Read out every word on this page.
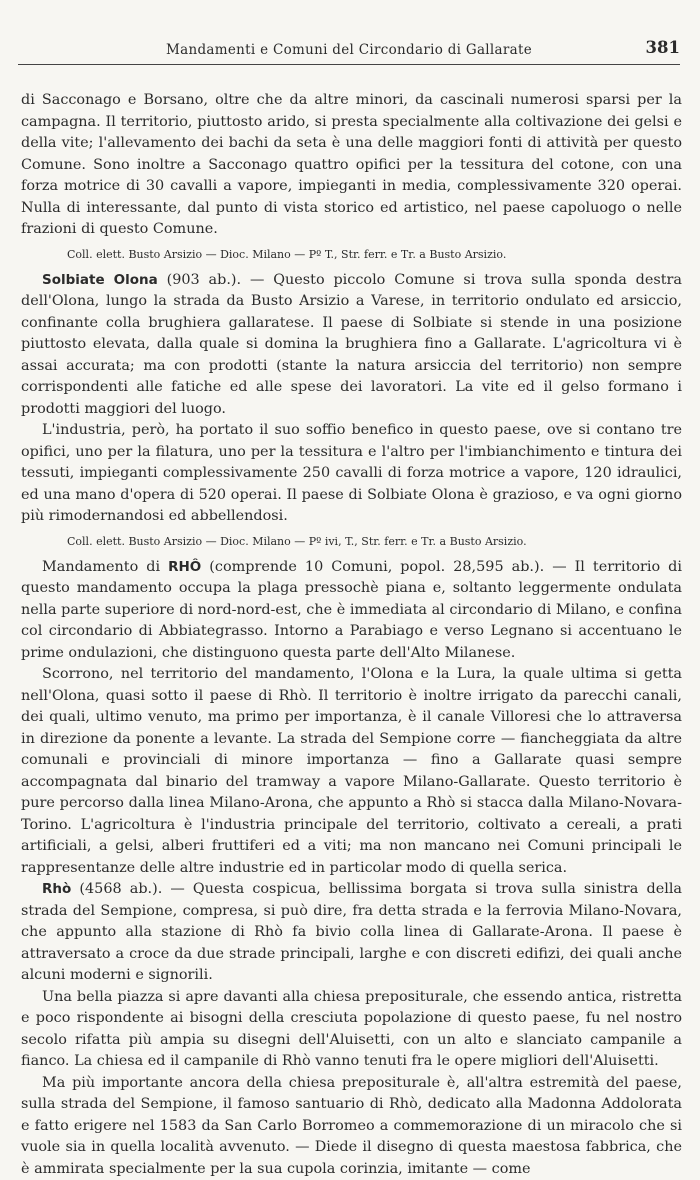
Mandamenti e Comuni del Circondario di Gallarate	381

di Sacconago e Borsano, oltre che da altre minori, da cascinali numerosi sparsi per la campagna. Il territorio, piuttosto arido, si presta specialmente alla coltivazione dei gelsi e della vite; l'allevamento dei bachi da seta è una delle maggiori fonti di attività per questo Comune. Sono inoltre a Sacconago quattro opifici per la tessitura del cotone, con una forza motrice di 30 cavalli a vapore, impieganti in media, complessivamente 320 operai. Nulla di interessante, dal punto di vista storico ed artistico, nel paese capoluogo o nelle frazioni di questo Comune.

Coll. elett. Busto Arsizio — Dioc. Milano — Pº T., Str. ferr. e Tr. a Busto Arsizio.

Solbiate Olona (903 ab.). — Questo piccolo Comune si trova sulla sponda destra dell'Olona, lungo la strada da Busto Arsizio a Varese, in territorio ondulato ed arsiccio, confinante colla brughiera gallaratese. Il paese di Solbiate si stende in una posizione piuttosto elevata, dalla quale si domina la brughiera fino a Gallarate. L'agricoltura vi è assai accurata; ma con prodotti (stante la natura arsiccia del territorio) non sempre corrispondenti alle fatiche ed alle spese dei lavoratori. La vite ed il gelso formano i prodotti maggiori del luogo.

L'industria, però, ha portato il suo soffio benefico in questo paese, ove si contano tre opifici, uno per la filatura, uno per la tessitura e l'altro per l'imbianchimento e tintura dei tessuti, impieganti complessivamente 250 cavalli di forza motrice a vapore, 120 idraulici, ed una mano d'opera di 520 operai. Il paese di Solbiate Olona è grazioso, e va ogni giorno più rimodernandosi ed abbellendosi.

Coll. elett. Busto Arsizio — Dioc. Milano — Pº ivi, T., Str. ferr. e Tr. a Busto Arsizio.

Mandamento di RHÔ (comprende 10 Comuni, popol. 28,595 ab.). — Il territorio di questo mandamento occupa la plaga pressochè piana e, soltanto leggermente ondulata nella parte superiore di nord-nord-est, che è immediata al circondario di Milano, e confina col circondario di Abbiategrasso. Intorno a Parabiago e verso Legnano si accentuano le prime ondulazioni, che distinguono questa parte dell'Alto Milanese.

Scorrono, nel territorio del mandamento, l'Olona e la Lura, la quale ultima si getta nell'Olona, quasi sotto il paese di Rhò. Il territorio è inoltre irrigato da parecchi canali, dei quali, ultimo venuto, ma primo per importanza, è il canale Villoresi che lo attraversa in direzione da ponente a levante. La strada del Sempione corre — fiancheggiata da altre comunali e provinciali di minore importanza — fino a Gallarate quasi sempre accompagnata dal binario del tramway a vapore Milano-Gallarate. Questo territorio è pure percorso dalla linea Milano-Arona, che appunto a Rhò si stacca dalla Milano-Novara-Torino. L'agricoltura è l'industria principale del territorio, coltivato a cereali, a prati artificiali, a gelsi, alberi fruttiferi ed a viti; ma non mancano nei Comuni principali le rappresentanze delle altre industrie ed in particolar modo di quella serica.

Rhò (4568 ab.). — Questa cospicua, bellissima borgata si trova sulla sinistra della strada del Sempione, compresa, si può dire, fra detta strada e la ferrovia Milano-Novara, che appunto alla stazione di Rhò fa bivio colla linea di Gallarate-Arona. Il paese è attraversato a croce da due strade principali, larghe e con discreti edifizi, dei quali anche alcuni moderni e signorili.

Una bella piazza si apre davanti alla chiesa prepositurale, che essendo antica, ristretta e poco rispondente ai bisogni della cresciuta popolazione di questo paese, fu nel nostro secolo rifatta più ampia su disegni dell'Aluisetti, con un alto e slanciato campanile a fianco. La chiesa ed il campanile di Rhò vanno tenuti fra le opere migliori dell'Aluisetti.

Ma più importante ancora della chiesa prepositurale è, all'altra estremità del paese, sulla strada del Sempione, il famoso santuario di Rhò, dedicato alla Madonna Addolorata e fatto erigere nel 1583 da San Carlo Borromeo a commemorazione di un miracolo che si vuole sia in quella località avvenuto. — Diede il disegno di questa maestosa fabbrica, che è ammirata specialmente per la sua cupola corinzia, imitante — come
